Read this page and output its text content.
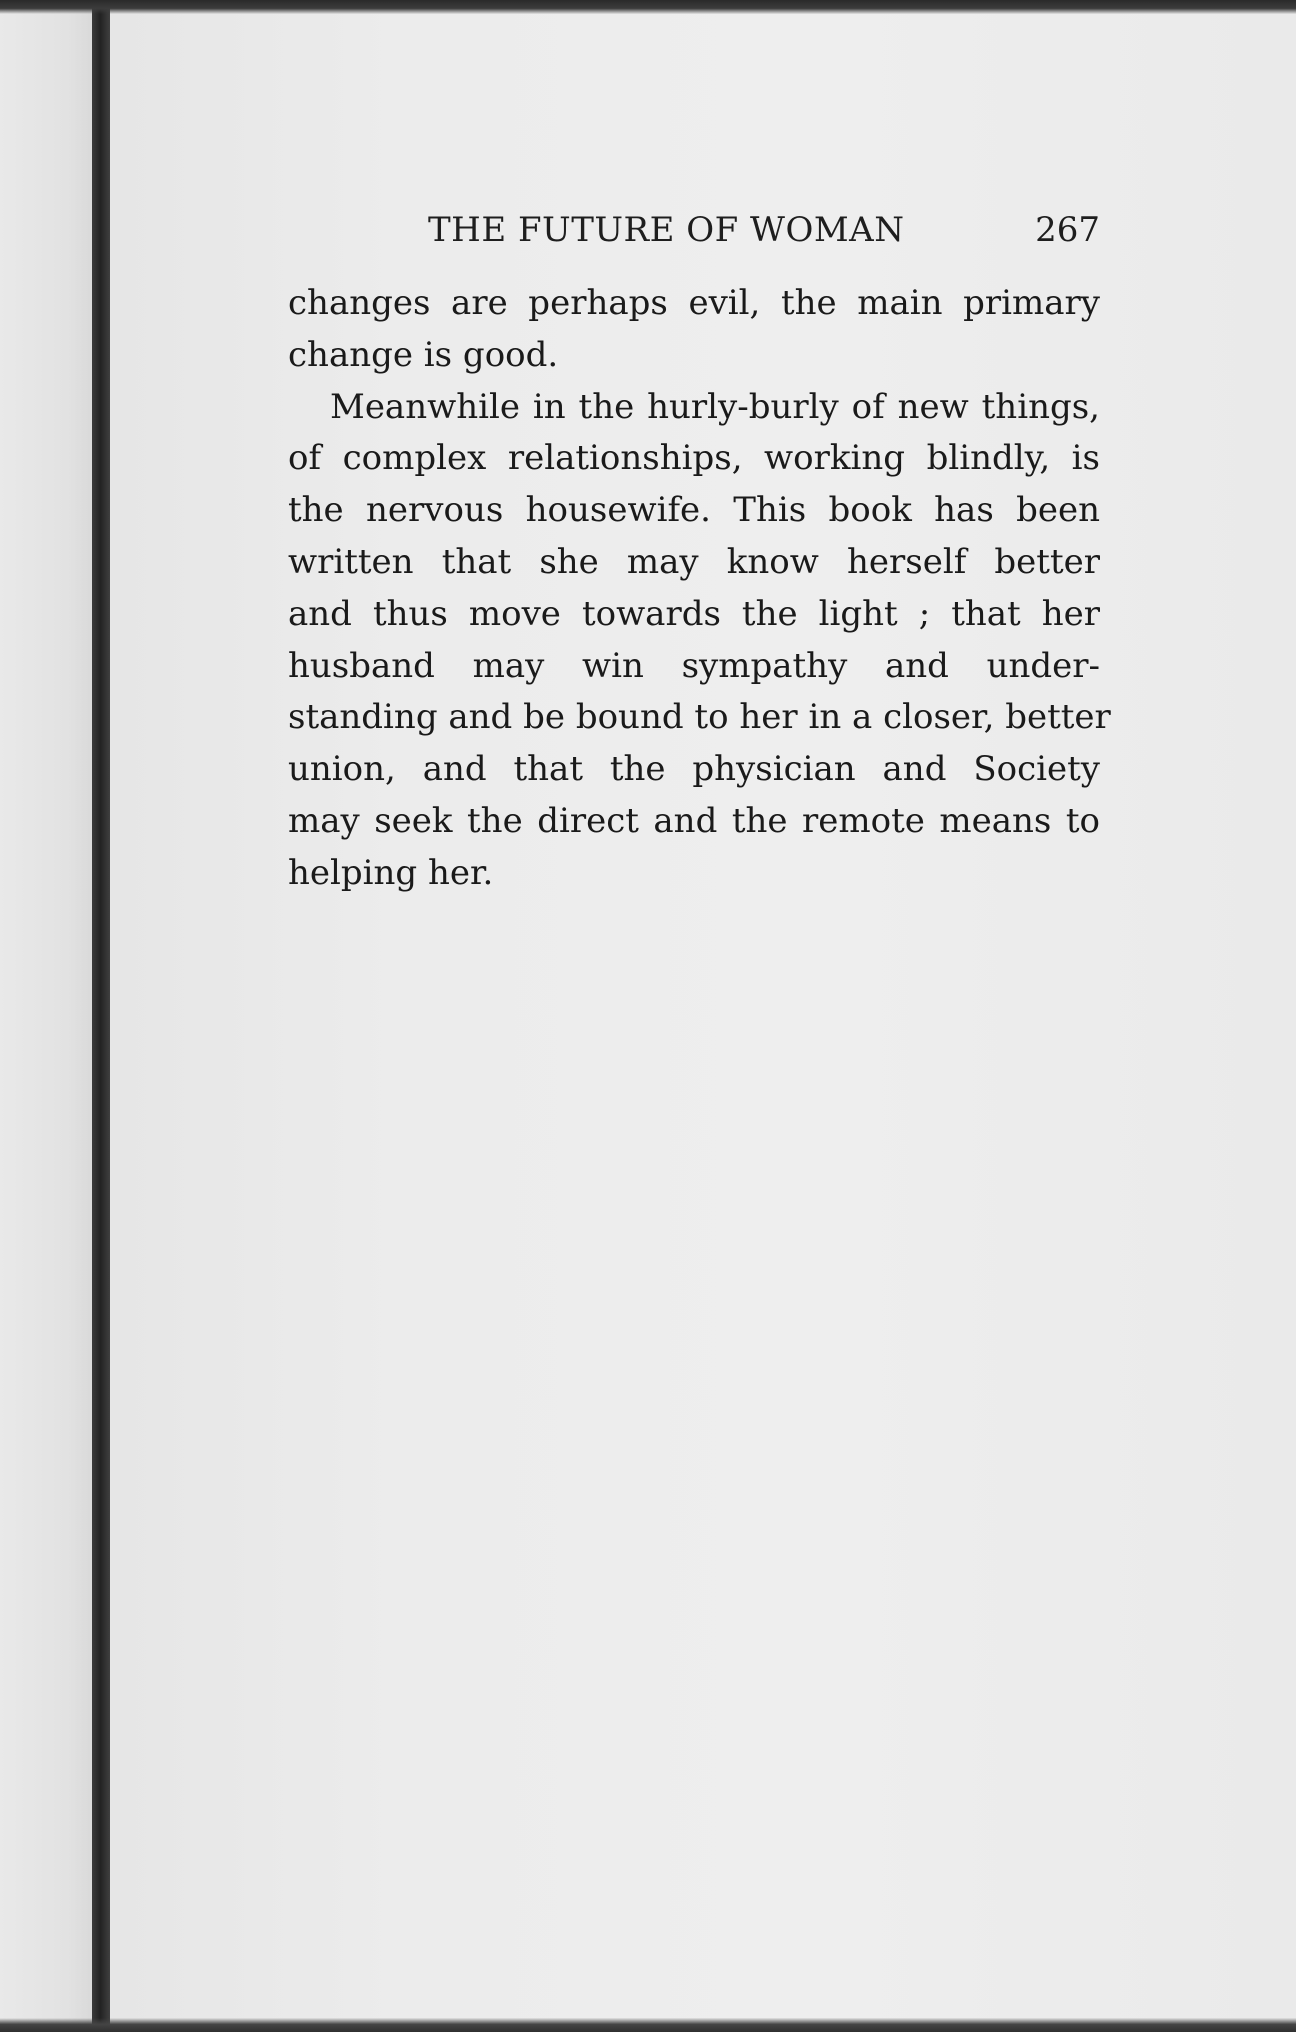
THE FUTURE OF WOMAN	267
changes are perhaps evil, the main primary
change is good.
Meanwhile in the hurly-burly of new things,
of complex relationships, working blindly, is
the nervous housewife. This book has been
written that she may know herself better
and thus move towards the light ; that her
husband may win sympathy and under-
standing and be bound to her in a closer, better
union, and that the physician and Society
may seek the direct and the remote means to
helping her.
